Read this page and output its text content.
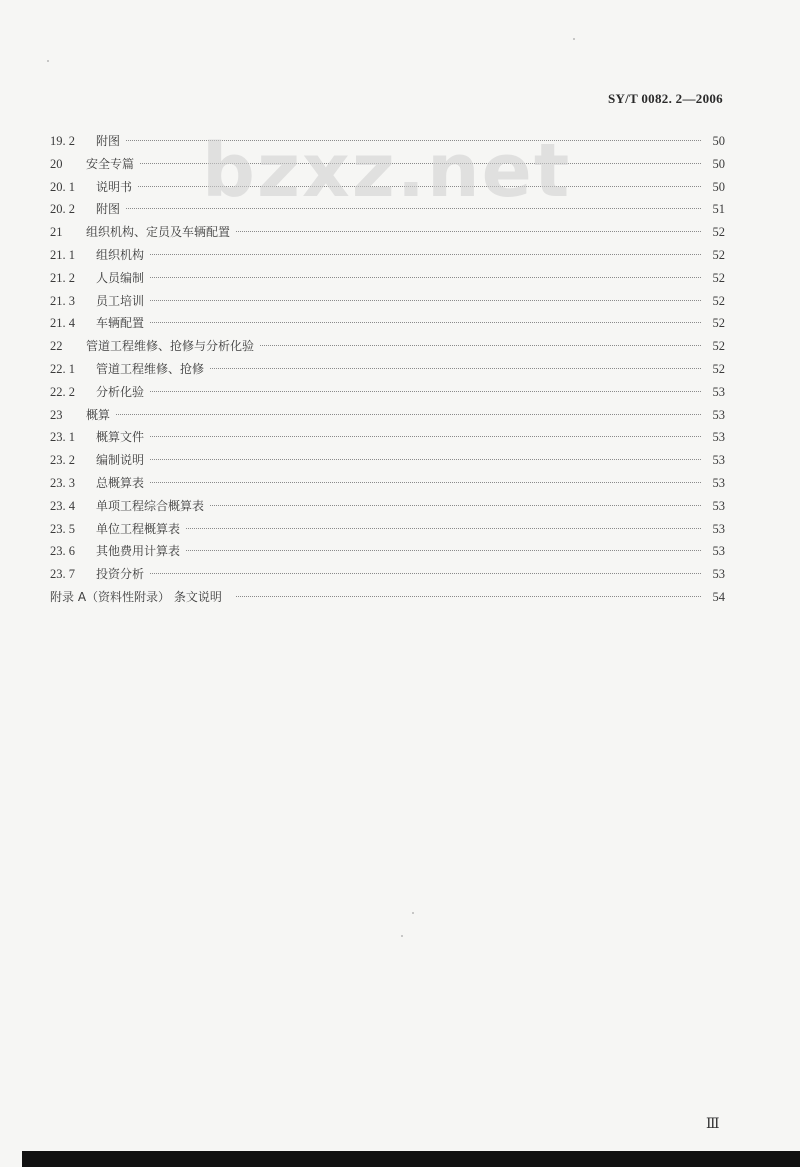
SY/T 0082. 2—2006
bzxz.net
19. 2	附图	50
20	安全专篇	50
20. 1	说明书	50
20. 2	附图	51
21	组织机构、定员及车辆配置	52
21. 1	组织机构	52
21. 2	人员编制	52
21. 3	员工培训	52
21. 4	车辆配置	52
22	管道工程维修、抢修与分析化验	52
22. 1	管道工程维修、抢修	52
22. 2	分析化验	53
23	概算	53
23. 1	概算文件	53
23. 2	编制说明	53
23. 3	总概算表	53
23. 4	单项工程综合概算表	53
23. 5	单位工程概算表	53
23. 6	其他费用计算表	53
23. 7	投资分析	53
附录 A（资料性附录） 条文说明	54
Ⅲ
